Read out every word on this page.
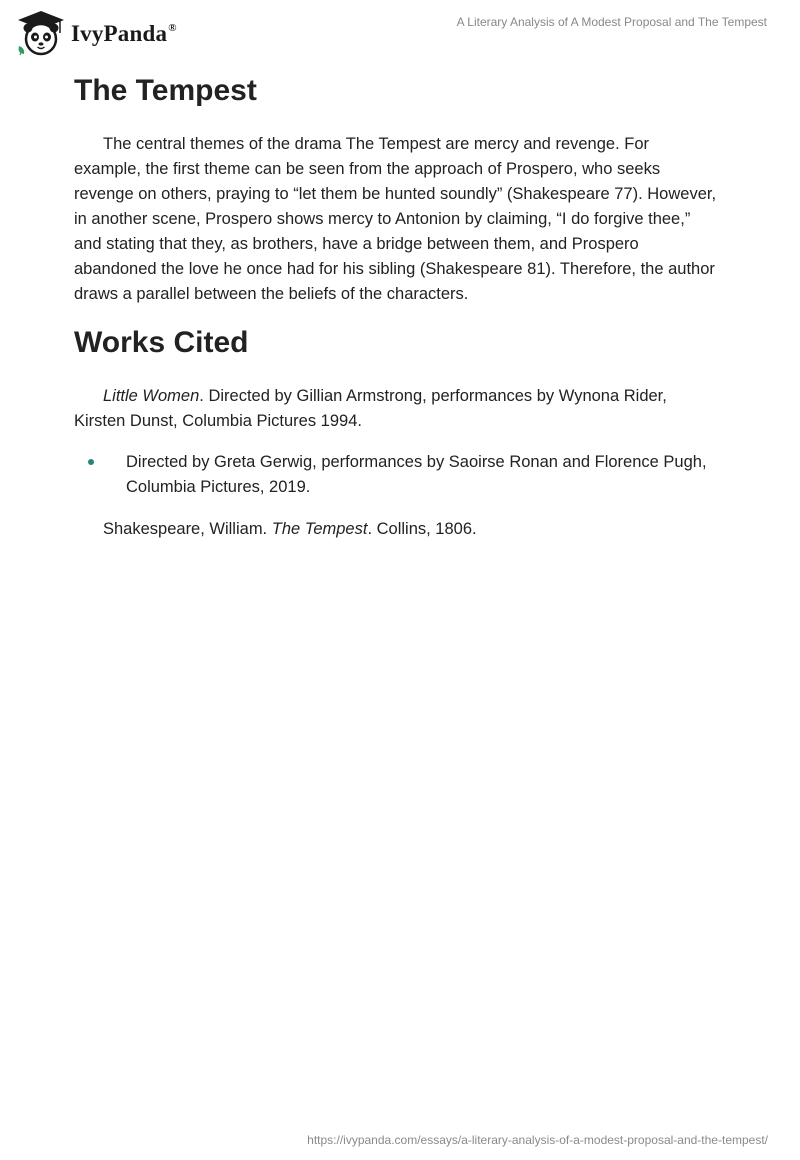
IvyPanda®	A Literary Analysis of A Modest Proposal and The Tempest
The Tempest

The central themes of the drama The Tempest are mercy and revenge. For
example, the first theme can be seen from the approach of Prospero, who seeks
revenge on others, praying to “let them be hunted soundly” (Shakespeare 77). However,
in another scene, Prospero shows mercy to Antonion by claiming, “I do forgive thee,”
and stating that they, as brothers, have a bridge between them, and Prospero
abandoned the love he once had for his sibling (Shakespeare 81). Therefore, the author
draws a parallel between the beliefs of the characters.

Works Cited

Little Women. Directed by Gillian Armstrong, performances by Wynona Rider,
Kirsten Dunst, Columbia Pictures 1994.

Directed by Greta Gerwig, performances by Saoirse Ronan and Florence Pugh,
Columbia Pictures, 2019.
Shakespeare, William. The Tempest. Collins, 1806.
https://ivypanda.com/essays/a-literary-analysis-of-a-modest-proposal-and-the-tempest/
